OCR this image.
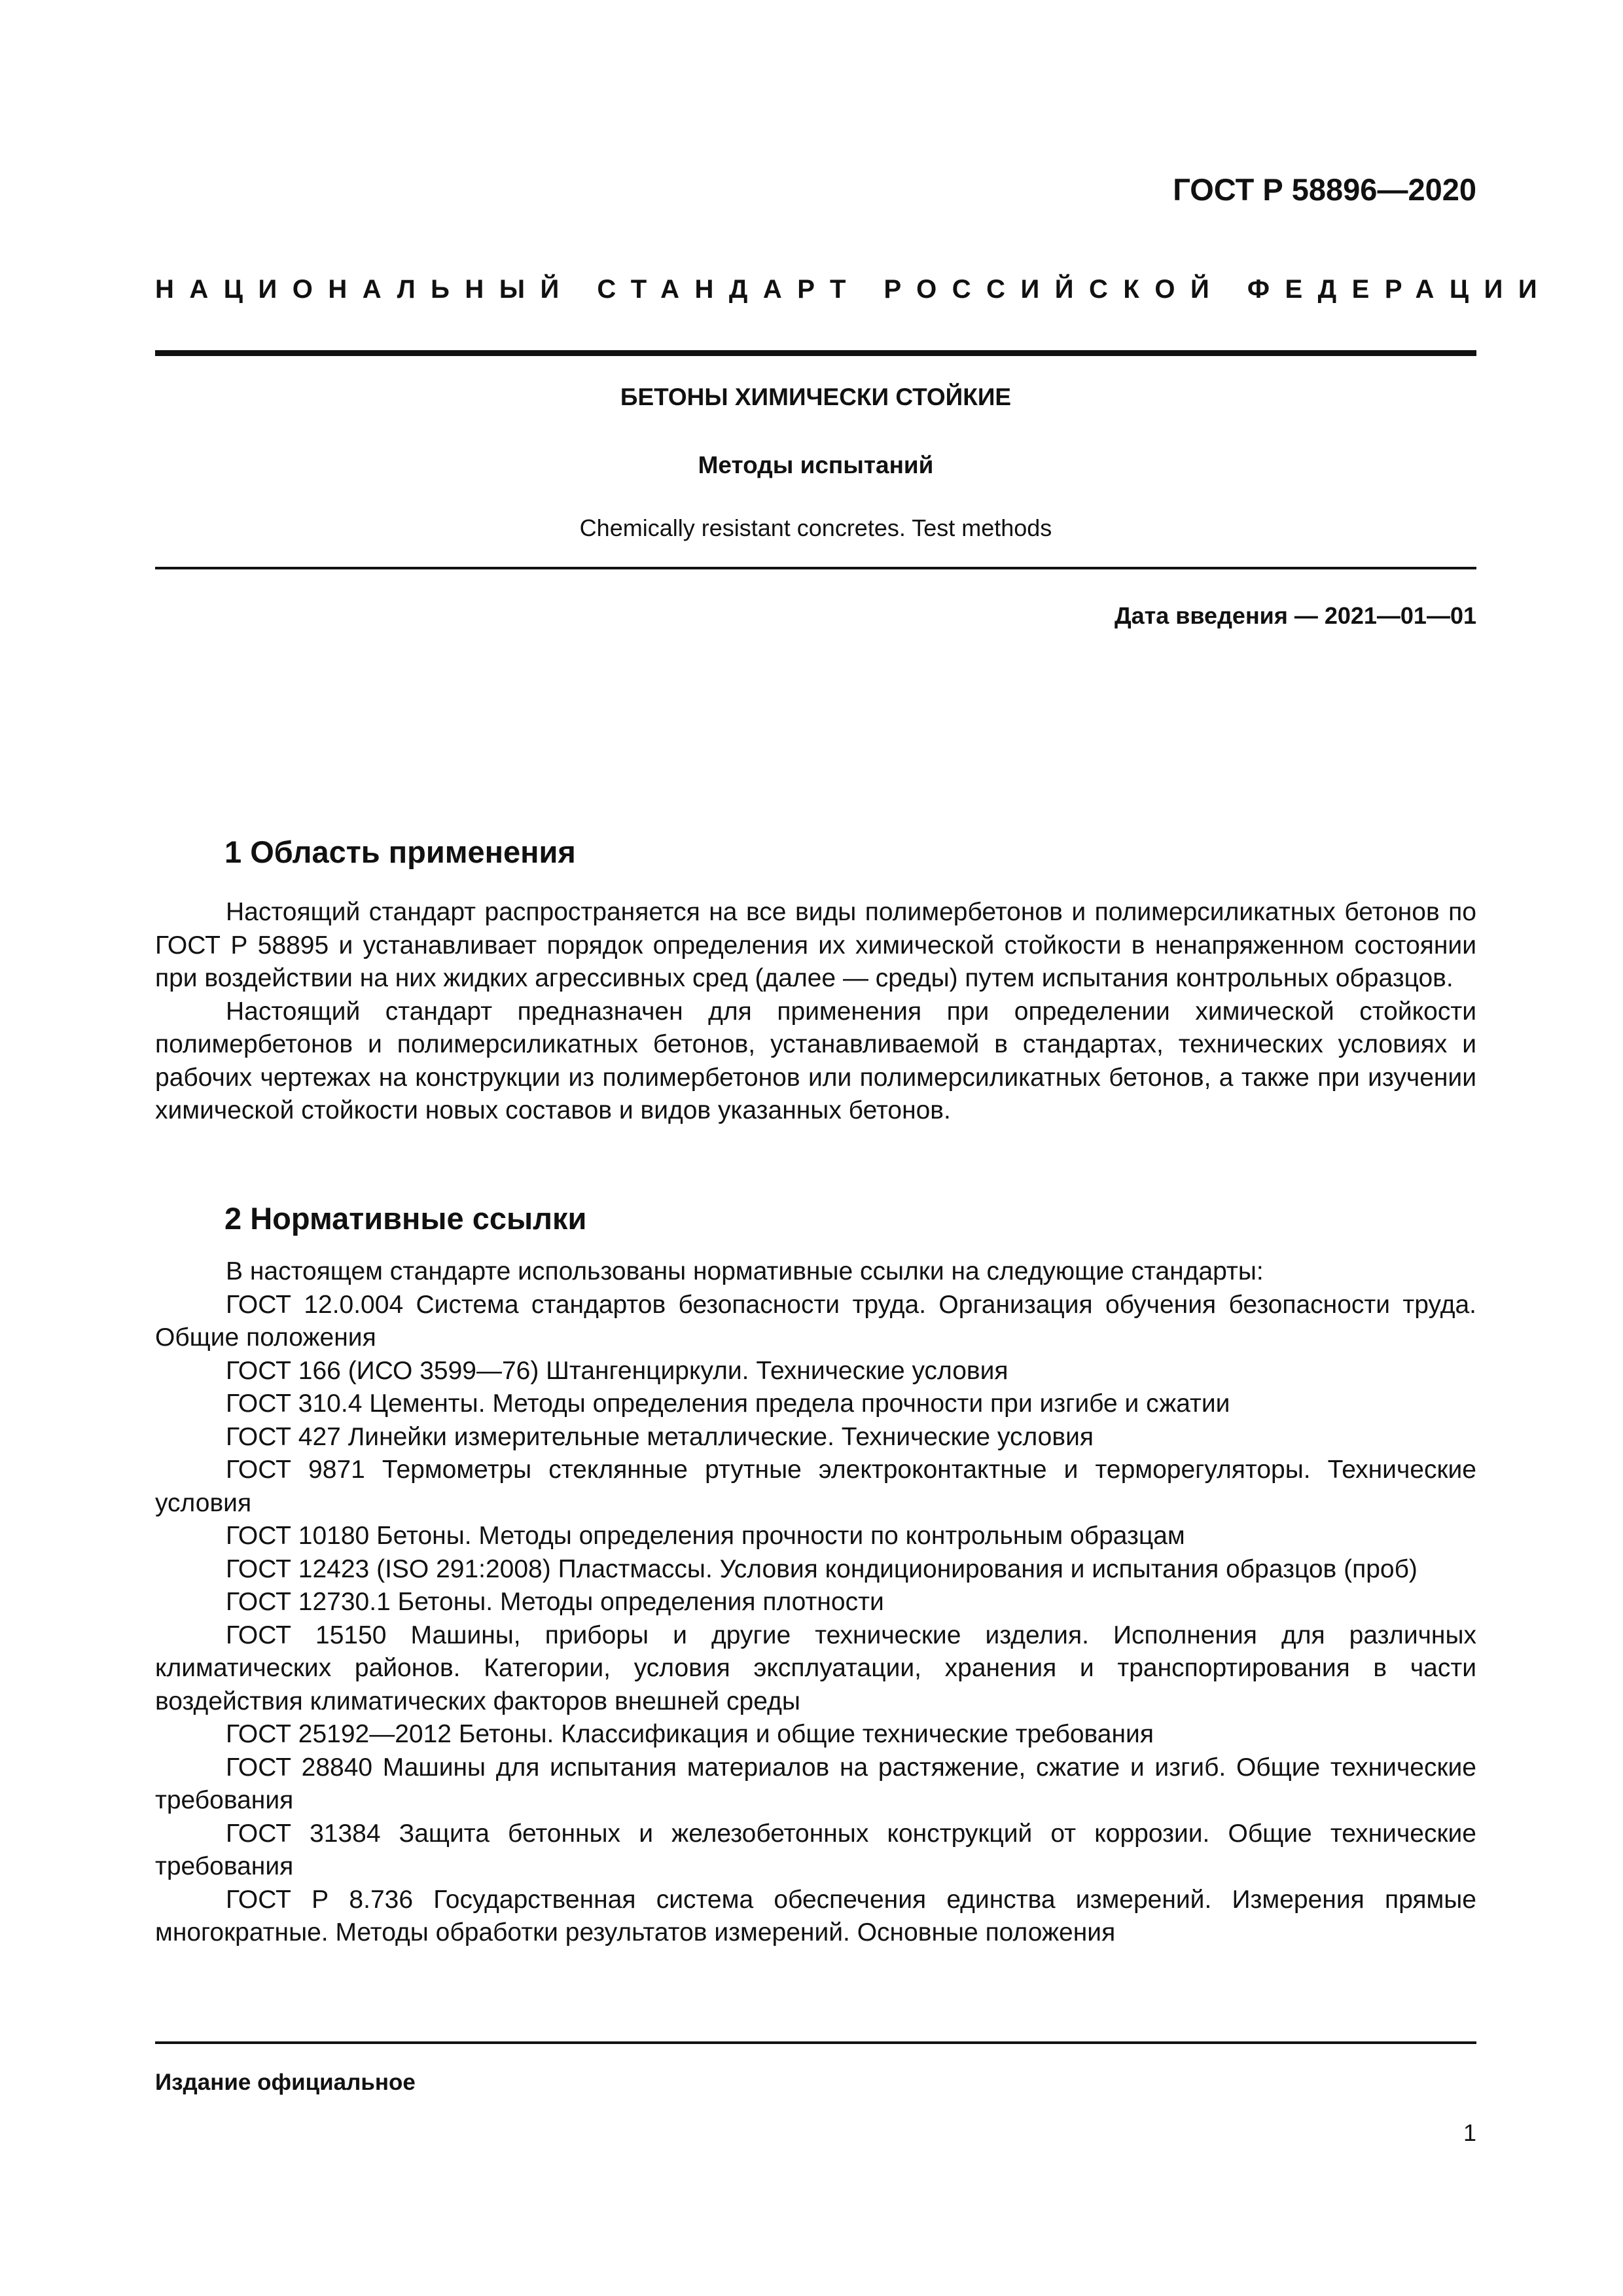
ГОСТ Р 58896—2020
НАЦИОНАЛЬНЫЙ СТАНДАРТ РОССИЙСКОЙ ФЕДЕРАЦИИ
БЕТОНЫ ХИМИЧЕСКИ СТОЙКИЕ
Методы испытаний
Chemically resistant concretes. Test methods
Дата введения — 2021—01—01
1 Область применения

Настоящий стандарт распространяется на все виды полимербетонов и полимерсиликатных бетонов по ГОСТ Р 58895 и устанавливает порядок определения их химической стойкости в ненапряженном состоянии при воздействии на них жидких агрессивных сред (далее — среды) путем испытания контрольных образцов.

Настоящий стандарт предназначен для применения при определении химической стойкости полимербетонов и полимерсиликатных бетонов, устанавливаемой в стандартах, технических условиях и рабочих чертежах на конструкции из полимербетонов или полимерсиликатных бетонов, а также при изучении химической стойкости новых составов и видов указанных бетонов.

2 Нормативные ссылки

В настоящем стандарте использованы нормативные ссылки на следующие стандарты:

ГОСТ 12.0.004 Система стандартов безопасности труда. Организация обучения безопасности труда. Общие положения

ГОСТ 166 (ИСО 3599—76) Штангенциркули. Технические условия

ГОСТ 310.4 Цементы. Методы определения предела прочности при изгибе и сжатии

ГОСТ 427 Линейки измерительные металлические. Технические условия

ГОСТ 9871 Термометры стеклянные ртутные электроконтактные и терморегуляторы. Технические условия

ГОСТ 10180 Бетоны. Методы определения прочности по контрольным образцам

ГОСТ 12423 (ISO 291:2008) Пластмассы. Условия кондиционирования и испытания образцов (проб)

ГОСТ 12730.1 Бетоны. Методы определения плотности

ГОСТ 15150 Машины, приборы и другие технические изделия. Исполнения для различных климатических районов. Категории, условия эксплуатации, хранения и транспортирования в части воздействия климатических факторов внешней среды

ГОСТ 25192—2012 Бетоны. Классификация и общие технические требования

ГОСТ 28840 Машины для испытания материалов на растяжение, сжатие и изгиб. Общие технические требования

ГОСТ 31384 Защита бетонных и железобетонных конструкций от коррозии. Общие технические требования

ГОСТ Р 8.736 Государственная система обеспечения единства измерений. Измерения прямые многократные. Методы обработки результатов измерений. Основные положения

Издание официальное
1
